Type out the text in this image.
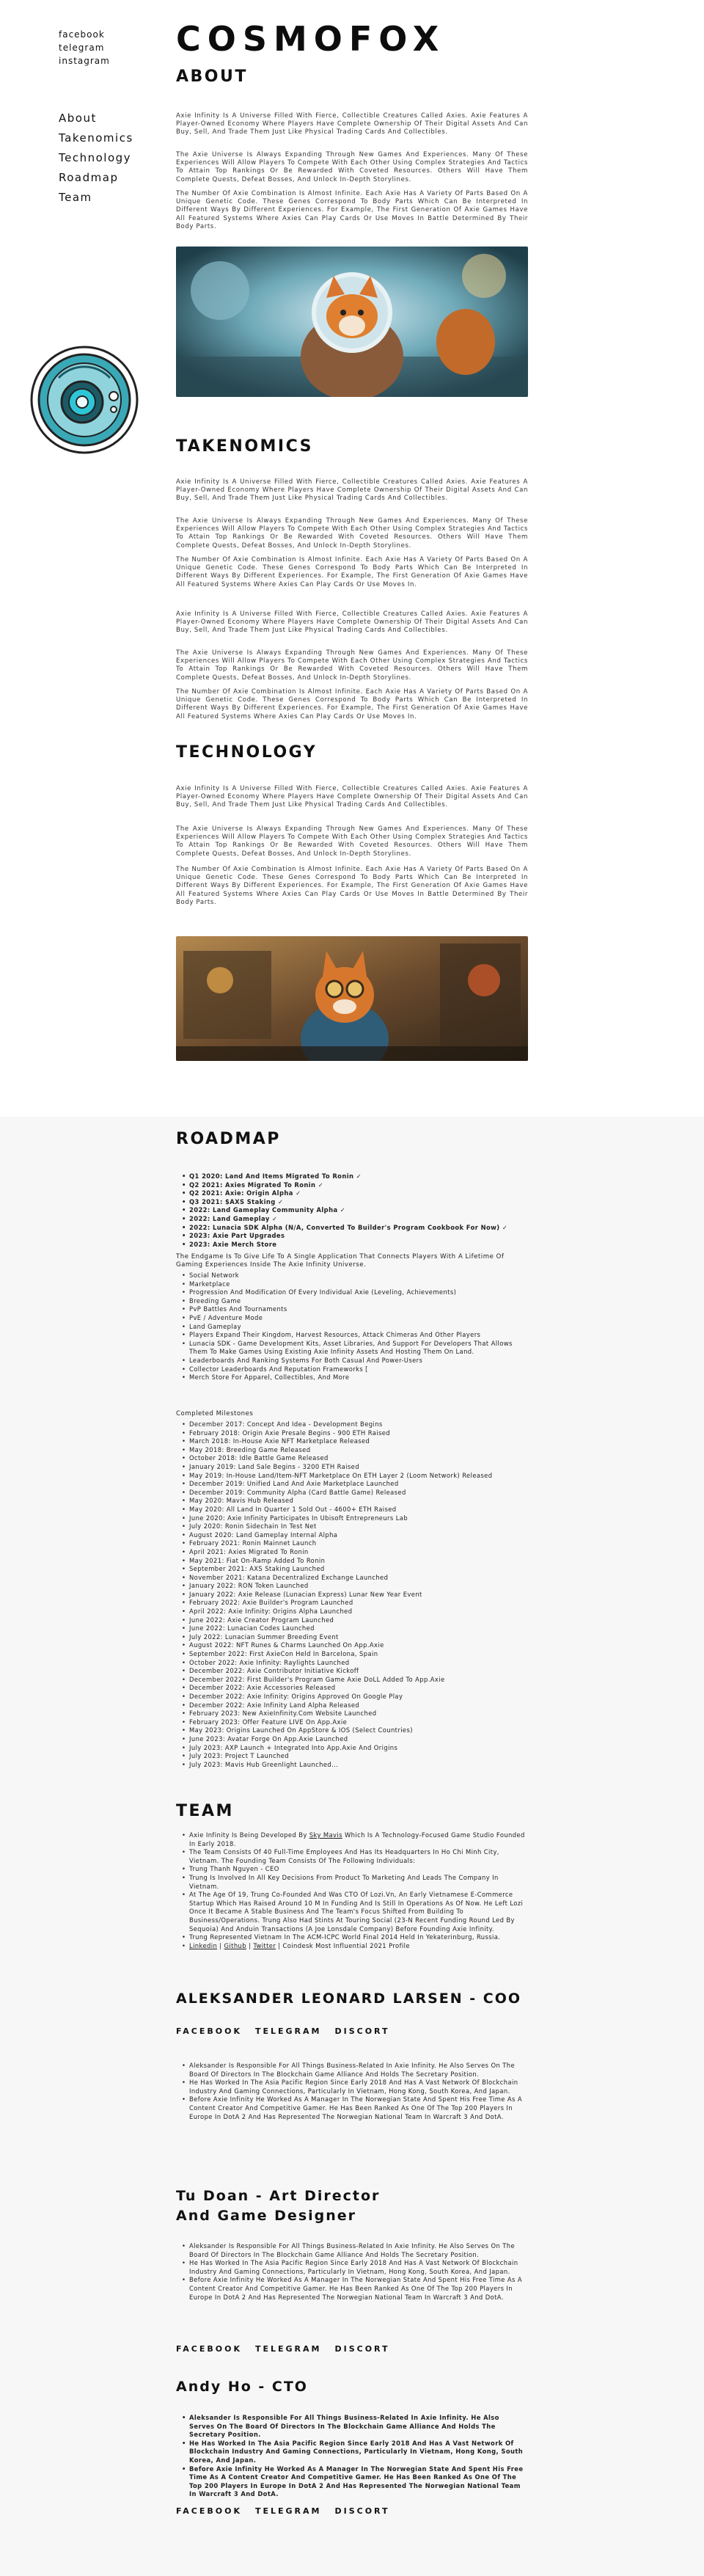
facebook
telegram
instagram
About
Takenomics
Technology
Roadmap
Team
COSMOFOX
ABOUT

Axie Infinity Is A Universe Filled With Fierce, Collectible Creatures Called Axies. Axie Features A Player-Owned Economy Where Players Have Complete Ownership Of Their Digital Assets And Can Buy, Sell, And Trade Them Just Like Physical Trading Cards And Collectibles.

The Axie Universe Is Always Expanding Through New Games And Experiences. Many Of These Experiences Will Allow Players To Compete With Each Other Using Complex Strategies And Tactics To Attain Top Rankings Or Be Rewarded With Coveted Resources. Others Will Have Them Complete Quests, Defeat Bosses, And Unlock In-Depth Storylines.

The Number Of Axie Combination Is Almost Infinite. Each Axie Has A Variety Of Parts Based On A Unique Genetic Code. These Genes Correspond To Body Parts Which Can Be Interpreted In Different Ways By Different Experiences. For Example, The First Generation Of Axie Games Have All Featured Systems Where Axies Can Play Cards Or Use Moves In Battle Determined By Their Body Parts.

TAKENOMICS

Axie Infinity Is A Universe Filled With Fierce, Collectible Creatures Called Axies. Axie Features A Player-Owned Economy Where Players Have Complete Ownership Of Their Digital Assets And Can Buy, Sell, And Trade Them Just Like Physical Trading Cards And Collectibles.

The Axie Universe Is Always Expanding Through New Games And Experiences. Many Of These Experiences Will Allow Players To Compete With Each Other Using Complex Strategies And Tactics To Attain Top Rankings Or Be Rewarded With Coveted Resources. Others Will Have Them Complete Quests, Defeat Bosses, And Unlock In-Depth Storylines.

The Number Of Axie Combination Is Almost Infinite. Each Axie Has A Variety Of Parts Based On A Unique Genetic Code. These Genes Correspond To Body Parts Which Can Be Interpreted In Different Ways By Different Experiences. For Example, The First Generation Of Axie Games Have All Featured Systems Where Axies Can Play Cards Or Use Moves In.

Axie Infinity Is A Universe Filled With Fierce, Collectible Creatures Called Axies. Axie Features A Player-Owned Economy Where Players Have Complete Ownership Of Their Digital Assets And Can Buy, Sell, And Trade Them Just Like Physical Trading Cards And Collectibles.

The Axie Universe Is Always Expanding Through New Games And Experiences. Many Of These Experiences Will Allow Players To Compete With Each Other Using Complex Strategies And Tactics To Attain Top Rankings Or Be Rewarded With Coveted Resources. Others Will Have Them Complete Quests, Defeat Bosses, And Unlock In-Depth Storylines.

The Number Of Axie Combination Is Almost Infinite. Each Axie Has A Variety Of Parts Based On A Unique Genetic Code. These Genes Correspond To Body Parts Which Can Be Interpreted In Different Ways By Different Experiences. For Example, The First Generation Of Axie Games Have All Featured Systems Where Axies Can Play Cards Or Use Moves In.

TECHNOLOGY

Axie Infinity Is A Universe Filled With Fierce, Collectible Creatures Called Axies. Axie Features A Player-Owned Economy Where Players Have Complete Ownership Of Their Digital Assets And Can Buy, Sell, And Trade Them Just Like Physical Trading Cards And Collectibles.

The Axie Universe Is Always Expanding Through New Games And Experiences. Many Of These Experiences Will Allow Players To Compete With Each Other Using Complex Strategies And Tactics To Attain Top Rankings Or Be Rewarded With Coveted Resources. Others Will Have Them Complete Quests, Defeat Bosses, And Unlock In-Depth Storylines.

The Number Of Axie Combination Is Almost Infinite. Each Axie Has A Variety Of Parts Based On A Unique Genetic Code. These Genes Correspond To Body Parts Which Can Be Interpreted In Different Ways By Different Experiences. For Example, The First Generation Of Axie Games Have All Featured Systems Where Axies Can Play Cards Or Use Moves In Battle Determined By Their Body Parts.

ROADMAP
• Q1 2020: Land And Items Migrated To Ronin ✓
• Q2 2021: Axies Migrated To Ronin ✓
• Q2 2021: Axie: Origin Alpha ✓
• Q3 2021: $AXS Staking ✓
• 2022: Land Gameplay Community Alpha ✓
• 2022: Land Gameplay ✓
• 2022: Lunacia SDK Alpha (N/A, Converted To Builder's Program Cookbook For Now) ✓
• 2023: Axie Part Upgrades
• 2023: Axie Merch Store

The Endgame Is To Give Life To A Single Application That Connects Players With A Lifetime Of Gaming Experiences Inside The Axie Infinity Universe.

• Social Network
• Marketplace
• Progression And Modification Of Every Individual Axie (Leveling, Achievements)
• Breeding Game
• PvP Battles And Tournaments
• PvE / Adventure Mode
• Land Gameplay
• Players Expand Their Kingdom, Harvest Resources, Attack Chimeras And Other Players
• Lunacia SDK - Game Development Kits, Asset Libraries, And Support For Developers That Allows Them To Make Games Using Existing Axie Infinity Assets And Hosting Them On Land.
• Leaderboards And Ranking Systems For Both Casual And Power-Users
• Collector Leaderboards And Reputation Frameworks [
• Merch Store For Apparel, Collectibles, And More

Completed Milestones

• December 2017: Concept And Idea - Development Begins
• February 2018: Origin Axie Presale Begins - 900 ETH Raised
• March 2018: In-House Axie NFT Marketplace Released
• May 2018: Breeding Game Released
• October 2018: Idle Battle Game Released
• January 2019: Land Sale Begins - 3200 ETH Raised
• May 2019: In-House Land/Item-NFT Marketplace On ETH Layer 2 (Loom Network) Released
• December 2019: Unified Land And Axie Marketplace Launched
• December 2019: Community Alpha (Card Battle Game) Released
• May 2020: Mavis Hub Released
• May 2020: All Land In Quarter 1 Sold Out - 4600+ ETH Raised
• June 2020: Axie Infinity Participates In Ubisoft Entrepreneurs Lab
• July 2020: Ronin Sidechain In Test Net
• August 2020: Land Gameplay Internal Alpha
• February 2021: Ronin Mainnet Launch
• April 2021: Axies Migrated To Ronin
• May 2021: Fiat On-Ramp Added To Ronin
• September 2021: AXS Staking Launched
• November 2021: Katana Decentralized Exchange Launched
• January 2022: RON Token Launched
• January 2022: Axie Release (Lunacian Express) Lunar New Year Event
• February 2022: Axie Builder's Program Launched
• April 2022: Axie Infinity: Origins Alpha Launched
• June 2022: Axie Creator Program Launched
• June 2022: Lunacian Codes Launched
• July 2022: Lunacian Summer Breeding Event
• August 2022: NFT Runes & Charms Launched On App.Axie
• September 2022: First AxieCon Held In Barcelona, Spain
• October 2022: Axie Infinity: Raylights Launched
• December 2022: Axie Contributor Initiative Kickoff
• December 2022: First Builder's Program Game Axie DoLL Added To App.Axie
• December 2022: Axie Accessories Released
• December 2022: Axie Infinity: Origins Approved On Google Play
• December 2022: Axie Infinity Land Alpha Released
• February 2023: New AxieInfinity.Com Website Launched
• February 2023: Offer Feature LIVE On App.Axie
• May 2023: Origins Launched On AppStore & IOS (Select Countries)
• June 2023: Avatar Forge On App.Axie Launched
• July 2023: AXP Launch + Integrated Into App.Axie And Origins
• July 2023: Project T Launched
• July 2023: Mavis Hub Greenlight Launched...
TEAM
• Axie Infinity Is Being Developed By Sky Mavis Which Is A Technology-Focused Game Studio Founded In Early 2018.
• The Team Consists Of 40 Full-Time Employees And Has Its Headquarters In Ho Chi Minh City, Vietnam. The Founding Team Consists Of The Following Individuals:
• Trung Thanh Nguyen - CEO
• Trung Is Involved In All Key Decisions From Product To Marketing And Leads The Company In Vietnam.
• At The Age Of 19, Trung Co-Founded And Was CTO Of Lozi.Vn, An Early Vietnamese E-Commerce Startup Which Has Raised Around 10 M In Funding And Is Still In Operations As Of Now. He Left Lozi Once It Became A Stable Business And The Team's Focus Shifted From Building To Business/Operations. Trung Also Had Stints At Touring Social (23-N Recent Funding Round Led By Sequoia) And Anduin Transactions (A Joe Lonsdale Company) Before Founding Axie Infinity.
• Trung Represented Vietnam In The ACM-ICPC World Final 2014 Held In Yekaterinburg, Russia.
• Linkedin | Github | Twitter | Coindesk Most Influential 2021 Profile
ALEKSANDER LEONARD LARSEN - COO
FACEBOOK TELEGRAM DISCORT
• Aleksander Is Responsible For All Things Business-Related In Axie Infinity. He Also Serves On The Board Of Directors In The Blockchain Game Alliance And Holds The Secretary Position.
• He Has Worked In The Asia Pacific Region Since Early 2018 And Has A Vast Network Of Blockchain Industry And Gaming Connections, Particularly In Vietnam, Hong Kong, South Korea, And Japan.
• Before Axie Infinity He Worked As A Manager In The Norwegian State And Spent His Free Time As A Content Creator And Competitive Gamer. He Has Been Ranked As One Of The Top 200 Players In Europe In DotA 2 And Has Represented The Norwegian National Team In Warcraft 3 And DotA.
Tu Doan - Art Director
And Game Designer
• Aleksander Is Responsible For All Things Business-Related In Axie Infinity. He Also Serves On The Board Of Directors In The Blockchain Game Alliance And Holds The Secretary Position.
• He Has Worked In The Asia Pacific Region Since Early 2018 And Has A Vast Network Of Blockchain Industry And Gaming Connections, Particularly In Vietnam, Hong Kong, South Korea, And Japan.
• Before Axie Infinity He Worked As A Manager In The Norwegian State And Spent His Free Time As A Content Creator And Competitive Gamer. He Has Been Ranked As One Of The Top 200 Players In Europe In DotA 2 And Has Represented The Norwegian National Team In Warcraft 3 And DotA.
FACEBOOK TELEGRAM DISCORT
Andy Ho - CTO
• Aleksander Is Responsible For All Things Business-Related In Axie Infinity. He Also Serves On The Board Of Directors In The Blockchain Game Alliance And Holds The Secretary Position.
• He Has Worked In The Asia Pacific Region Since Early 2018 And Has A Vast Network Of Blockchain Industry And Gaming Connections, Particularly In Vietnam, Hong Kong, South Korea, And Japan.
• Before Axie Infinity He Worked As A Manager In The Norwegian State And Spent His Free Time As A Content Creator And Competitive Gamer. He Has Been Ranked As One Of The Top 200 Players In Europe In DotA 2 And Has Represented The Norwegian National Team In Warcraft 3 And DotA.
FACEBOOK TELEGRAM DISCORT
